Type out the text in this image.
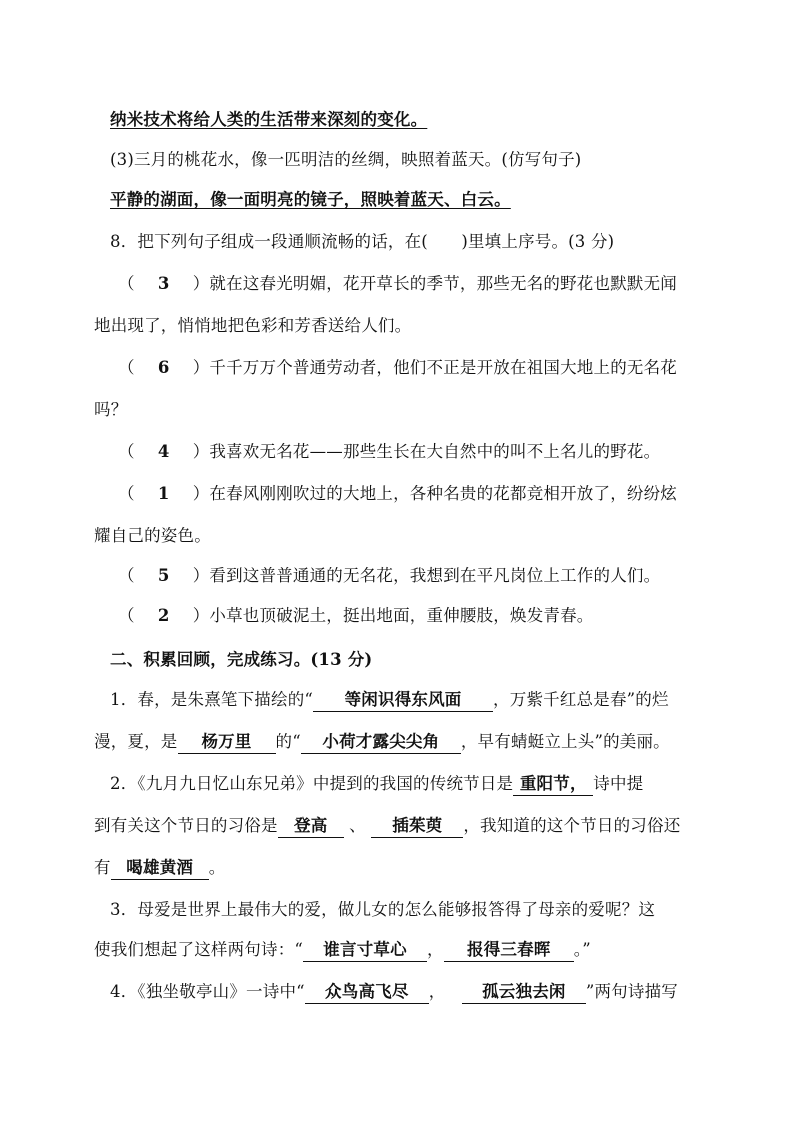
纳米技术将给人类的生活带来深刻的变化。
(3)三月的桃花水，像一匹明洁的丝绸，映照着蓝天。(仿写句子)
平静的湖面，像一面明亮的镜子，照映着蓝天、白云。
8．把下列句子组成一段通顺流畅的话，在(　　)里填上序号。(3 分)
（ 3 ）就在这春光明媚，花开草长的季节，那些无名的野花也默默无闻
地出现了，悄悄地把色彩和芳香送给人们。
（ 6 ）千千万万个普通劳动者，他们不正是开放在祖国大地上的无名花
吗？
（ 4 ）我喜欢无名花——那些生长在大自然中的叫不上名儿的野花。
（ 1 ）在春风刚刚吹过的大地上，各种名贵的花都竞相开放了，纷纷炫
耀自己的姿色。
（ 5 ）看到这普普通通的无名花，我想到在平凡岗位上工作的人们。
（ 2 ）小草也顶破泥土，挺出地面，重伸腰肢，焕发青春。
二、积累回顾，完成练习。(13 分)
1．春，是朱熹笔下描绘的“ 等闲识得东风面 ，万紫千红总是春”的烂
漫，夏，是 杨万里 的“ 小荷才露尖尖角 ，早有蜻蜓立上头”的美丽。
2．《九月九日忆山东兄弟》中提到的我国的传统节日是 重阳节， 诗中提
到有关这个节日的习俗是 登高 、 插茱萸 ，我知道的这个节日的习俗还
有 喝雄黄酒 。
3．母爱是世界上最伟大的爱，做儿女的怎么能够报答得了母亲的爱呢？这
使我们想起了这样两句诗：“ 谁言寸草心 ， 报得三春晖 。”
4．《独坐敬亭山》一诗中“ 众鸟高飞尽 ， 孤云独去闲 ”两句诗描写
